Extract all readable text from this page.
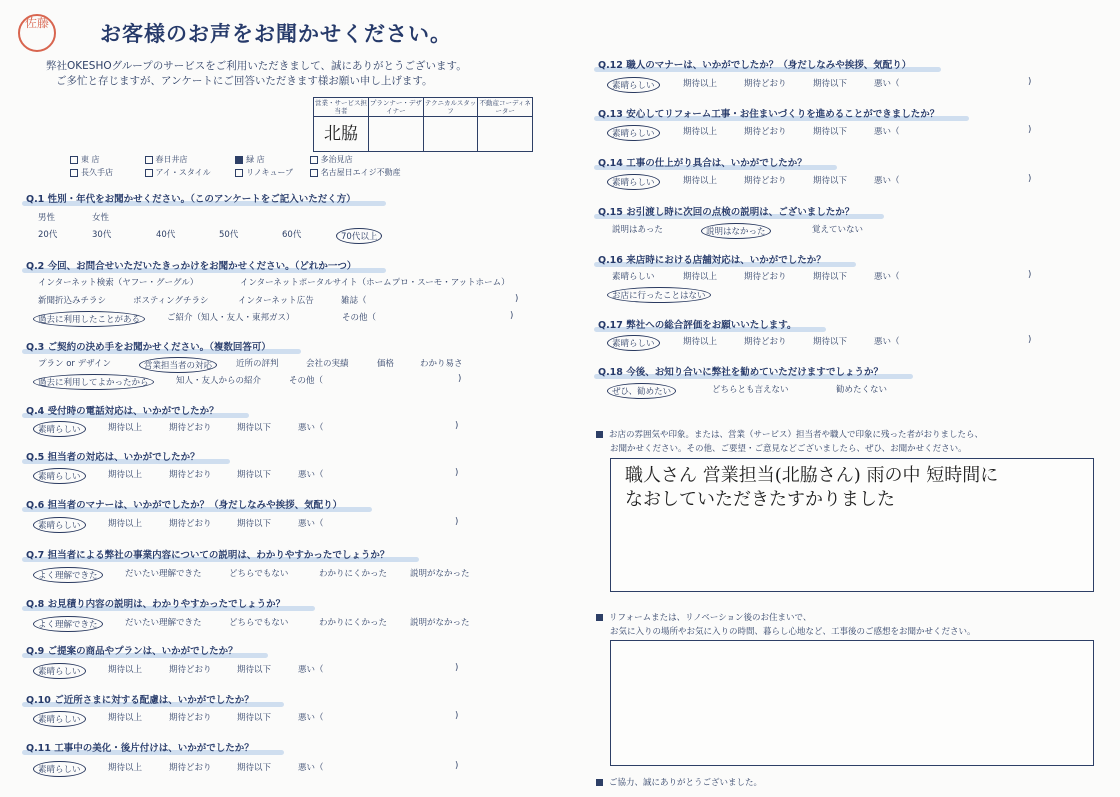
佐藤	お客様のお声をお聞かせください。
弊社OKESHOグループのサービスをご利用いただきまして、誠にありがとうございます。
ご多忙と存じますが、アンケートにご回答いただきます様お願い申し上げます。
営業・サービス担当者	プランナー・デザイナー	テクニカルスタッフ	不動産コーディネーター
北脇			
東 店	春日井店	緑 店	多治見店
長久手店	アイ・スタイル	リノキューブ	名古屋日エイジ不動産
Q.1 性別・年代をお聞かせください。（このアンケートをご記入いただく方）
男性	女性
20代	30代	40代	50代	60代	70代以上
Q.2 今回、お問合せいただいたきっかけをお聞かせください。（どれか一つ）
インターネット検索（ヤフー・グーグル）	インターネットポータルサイト（ホームプロ・スーモ・アットホーム）
新聞折込みチラシ	ポスティングチラシ	インターネット広告	雑誌（	)
過去に利用したことがある	ご紹介（知人・友人・東邦ガス）	その他（	)
Q.3 ご契約の決め手をお聞かせください。（複数回答可）
プラン or デザイン	営業担当者の対応	近所の評判	会社の実績	価格	わかり易さ
過去に利用してよかったから	知人・友人からの紹介	その他（	)
Q.4 受付時の電話対応は、いかがでしたか？
素晴らしい	期待以上	期待どおり	期待以下	悪い（	)
Q.5 担当者の対応は、いかがでしたか？
素晴らしい	期待以上	期待どおり	期待以下	悪い（	)
Q.6 担当者のマナーは、いかがでしたか？（身だしなみや挨拶、気配り）
素晴らしい	期待以上	期待どおり	期待以下	悪い（	)
Q.7 担当者による弊社の事業内容についての説明は、わかりやすかったでしょうか？
よく理解できた	だいたい理解できた	どちらでもない	わかりにくかった	説明がなかった
Q.8 お見積り内容の説明は、わかりやすかったでしょうか？
よく理解できた	だいたい理解できた	どちらでもない	わかりにくかった	説明がなかった
Q.9 ご提案の商品やプランは、いかがでしたか？
素晴らしい	期待以上	期待どおり	期待以下	悪い（	)
Q.10 ご近所さまに対する配慮は、いかがでしたか？
素晴らしい	期待以上	期待どおり	期待以下	悪い（	)
Q.11 工事中の美化・後片付けは、いかがでしたか？
素晴らしい	期待以上	期待どおり	期待以下	悪い（	)
Q.12 職人のマナーは、いかがでしたか？（身だしなみや挨拶、気配り）
素晴らしい	期待以上	期待どおり	期待以下	悪い（	)
Q.13 安心してリフォーム工事・お住まいづくりを進めることができましたか？
素晴らしい	期待以上	期待どおり	期待以下	悪い（	)
Q.14 工事の仕上がり具合は、いかがでしたか？
素晴らしい	期待以上	期待どおり	期待以下	悪い（	)
Q.15 お引渡し時に次回の点検の説明は、ございましたか？
説明はあった	説明はなかった	覚えていない
Q.16 来店時における店舗対応は、いかがでしたか？
素晴らしい	期待以上	期待どおり	期待以下	悪い（	)
お店に行ったことはない
Q.17 弊社への総合評価をお願いいたします。
素晴らしい	期待以上	期待どおり	期待以下	悪い（	)
Q.18 今後、お知り合いに弊社を勧めていただけますでしょうか？
ぜひ、勧めたい	どちらとも言えない	勧めたくない
お店の雰囲気や印象。または、営業（サービス）担当者や職人で印象に残った者がおりましたら、
お聞かせください。その他、ご要望・ご意見などございましたら、ぜひ、お聞かせください。
職人さん 営業担当(北脇さん) 雨の中 短時間に
なおしていただきたすかりました
リフォームまたは、リノベーション後のお住まいで、
お気に入りの場所やお気に入りの時間、暮らし心地など、工事後のご感想をお聞かせください。
ご協力、誠にありがとうございました。
